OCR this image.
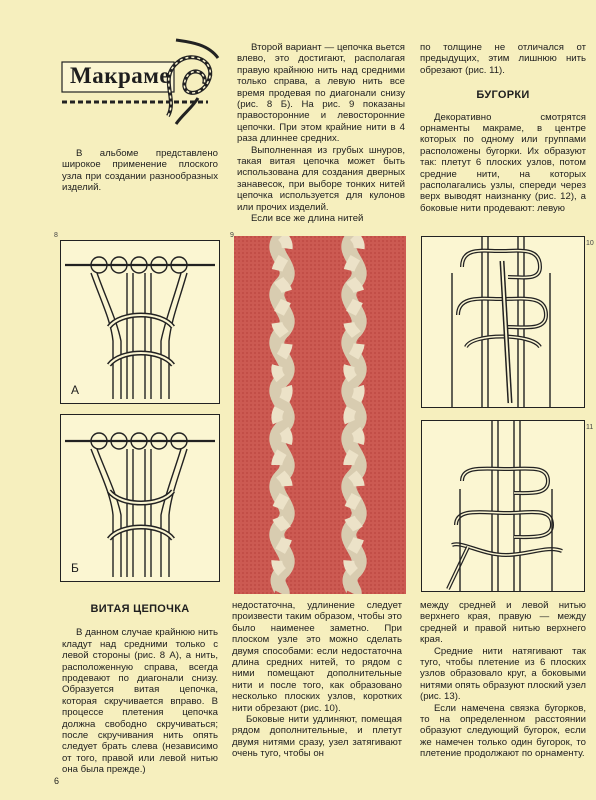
Макраме

В альбоме представлено широкое применение плоского узла при создании разнообразных изделий.

Второй вариант — цепочка вьется влево, это достигают, располагая правую крайнюю нить над средними только справа, а левую нить все время продевая по диагонали снизу (рис. 8 Б). На рис. 9 показаны правосторонние и левосторонние цепочки. При этом крайние нити в 4 раза длиннее средних.

Выполненная из грубых шнуров, такая витая цепочка может быть использована для создания дверных занавесок, при выборе тонких нитей цепочка используется для кулонов или прочих изделий.

Если все же длина нитей

по толщине не отличался от предыдущих, этим лишнюю нить обрезают (рис. 11).

БУГОРКИ

Декоративно смотрятся орнаменты макраме, в центре которых по одному или группами расположены бугорки. Их образуют так: плетут 6 плоских узлов, потом средние нити, на которых располагались узлы, спереди через верх выводят наизнанку (рис. 12), а боковые нити продевают: левую

8	9
10
11
А
Б
ВИТАЯ ЦЕПОЧКА

В данном случае крайнюю нить кладут над средними только с левой стороны (рис. 8 А), а нить, расположенную справа, всегда продевают по диагонали снизу. Образуется витая цепочка, которая скручивается вправо. В процессе плетения цепочка должна свободно скручиваться; после скручивания нить опять следует брать слева (независимо от того, правой или левой нитью она была прежде.)

недостаточна, удлинение следует произвести таким образом, чтобы это было наименее заметно. При плоском узле это можно сделать двумя способами: если недостаточна длина средних нитей, то рядом с ними помещают дополнительные нити и после того, как образовано несколько плоских узлов, коротких нити обрезают (рис. 10).

Боковые нити удлиняют, помещая рядом дополнительные, и плетут двумя нитями сразу, узел затягивают очень туго, чтобы он

между средней и левой нитью верхнего края, правую — между средней и правой нитью верхнего края.

Средние нити натягивают так туго, чтобы плетение из 6 плоских узлов образовало круг, а боковыми нитями опять образуют плоский узел (рис. 13).

Если намечена связка бугорков, то на определенном расстоянии образуют следующий бугорок, если же намечен только один бугорок, то плетение продолжают по орнаменту.

6
